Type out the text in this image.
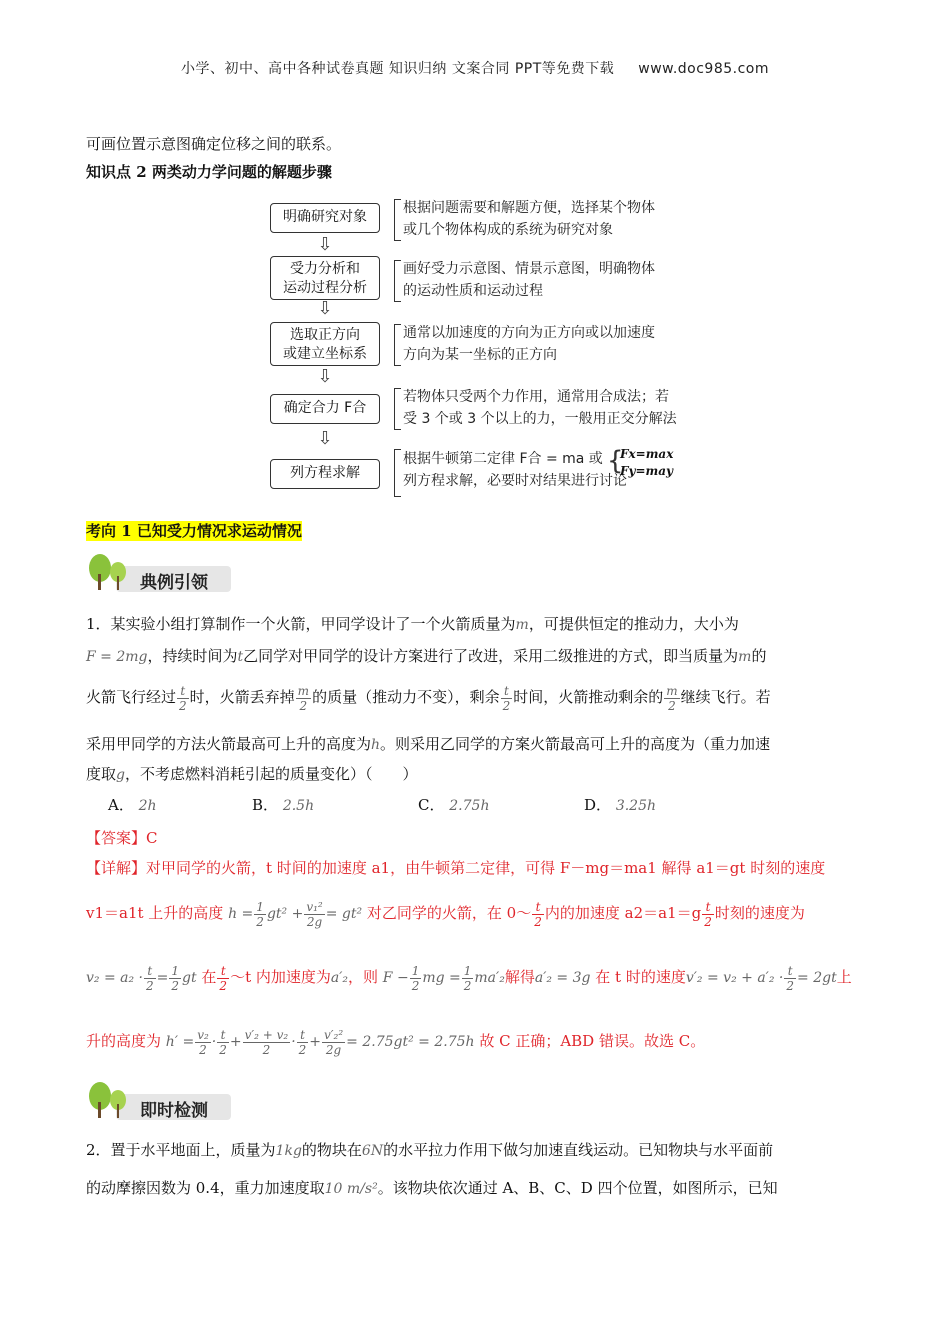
小学、初中、高中各种试卷真题 知识归纳 文案合同 PPT等免费下载 www.doc985.com
可画位置示意图确定位移之间的联系。
知识点 2 两类动力学问题的解题步骤
明确研究对象
根据问题需要和解题方便，选择某个物体
或几个物体构成的系统为研究对象
⇩
受力分析和
运动过程分析
画好受力示意图、情景示意图，明确物体
的运动性质和运动过程
⇩
选取正方向
或建立坐标系
通常以加速度的方向为正方向或以加速度
方向为某一坐标的正方向
⇩
确定合力 F合
若物体只受两个力作用，通常用合成法；若
受 3 个或 3 个以上的力，一般用正交分解法
⇩
列方程求解
根据牛顿第二定律 F合 = ma 或
列方程求解，必要时对结果进行讨论
{
Fx=max
Fy=may
考向 1 已知受力情况求运动情况
典例引领
1．某实验小组打算制作一个火箭，甲同学设计了一个火箭质量为m，可提供恒定的推动力，大小为
F = 2mg，持续时间为t乙同学对甲同学的设计方案进行了改进，采用二级推进的方式，即当质量为m的
火箭飞行经过 $\frac{t}{2}$ 时，火箭丢弃掉 $\frac{m}{2}$ 的质量（推动力不变），剩余 $\frac{t}{2}$ 时间，火箭推动剩余的 $\frac{m}{2}$ 继续飞行。若
采用甲同学的方法火箭最高可上升的高度为h。则采用乙同学的方案火箭最高可上升的高度为（重力加速
度取g，不考虑燃料消耗引起的质量变化）（　　）
A． 2h	B． 2.5h	C． 2.75h	D． 3.25h
【答案】C
【详解】对甲同学的火箭，t 时间的加速度 a1，由牛顿第二定律，可得 F－mg＝ma1 解得 a1＝gt 时刻的速度
v1＝a1t 上升的高度 $h = \frac{1}{2} gt^2 + \frac{\text{v₁²}}{2g} = gt^2$ 对乙同学的火箭，在 0～ $\frac{t}{2}$ 内的加速度 $a2=a1=g \frac{t}{2}$ 时刻的速度为
$v_2 = a_2 \cdot \frac{t}{2} = \frac{1}{2}$ gt 在 $\frac{t}{2}$ ～t 内加速度为a′₂，则 $F - \frac{1}{2}$ mg = $\frac{1}{2} ma'_2$解得a′₂ = 3g 在 t 时的速度$v'_2 = v_2 + a'_2 \cdot \frac{t}{2} = 2gt$上
升的高度为 $h' = \frac{\text{v₂}}{2} \cdot \frac{t}{2} + \frac{\text{v′₂ + v₂}}{2} \cdot \frac{t}{2} + \frac{\text{v′₂²}}{2g} = 2.75gt^2 = 2.75h$ 故 C 正确；ABD 错误。故选 C。
即时检测
2．置于水平地面上，质量为1kg的物块在6N的水平拉力作用下做匀加速直线运动。已知物块与水平面前
的动摩擦因数为 0.4，重力加速度取10 m/s²。该物块依次通过 A、B、C、D 四个位置，如图所示，已知
